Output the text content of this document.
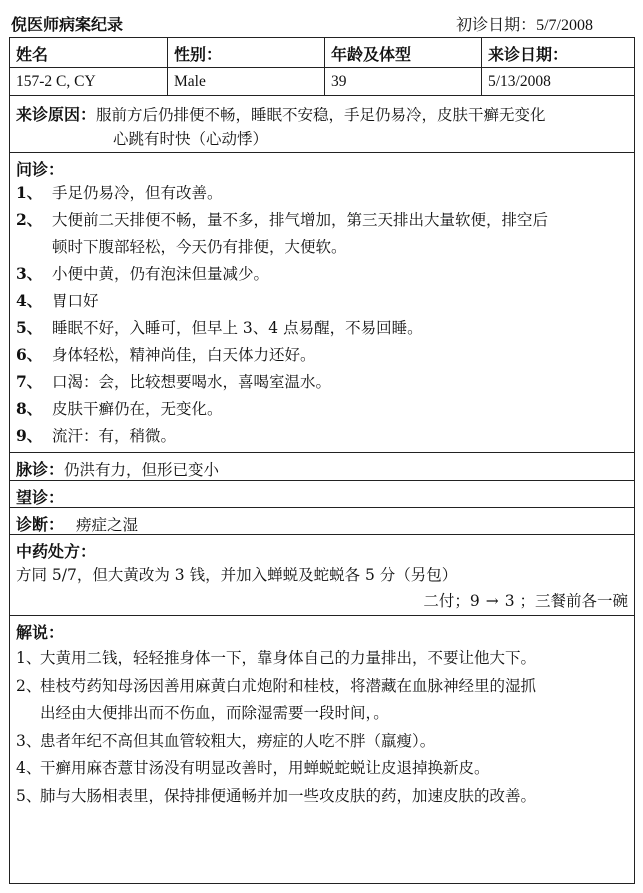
倪医师病案纪录	初诊日期：5/7/2008
姓名	性别：	年龄及体型	来诊日期：
157-2 C, CY	Male	39	5/13/2008
来诊原因：服前方后仍排便不畅，睡眠不安稳，手足仍易冷，皮肤干癣无变化
心跳有时快（心动悸）
问诊：
1、 手足仍易冷，但有改善。
2、 大便前二天排便不畅，量不多，排气增加，第三天排出大量软便，排空后
顿时下腹部轻松，今天仍有排便，大便软。
3、 小便中黄，仍有泡沫但量减少。
4、 胃口好
5、 睡眠不好，入睡可，但早上 3、4 点易醒，不易回睡。
6、 身体轻松，精神尚佳，白天体力还好。
7、 口渴：会，比较想要喝水，喜喝室温水。
8、 皮肤干癣仍在，无变化。
9、 流汗：有，稍微。
脉诊：仍洪有力，但形已变小
望诊：
诊断： 痨症之湿
中药处方：
方同 5/7，但大黄改为 3 钱，并加入蝉蜕及蛇蜕各 5 分（另包）
二付；9 → 3 ；三餐前各一碗
解说：
1、
大黄用二钱，轻轻推身体一下，靠身体自己的力量排出，不要让他大下。
2、
桂枝芍药知母汤因善用麻黄白朮炮附和桂枝，将潜藏在血脉神经里的湿抓
出经由大便排出而不伤血，而除湿需要一段时间，。
3、
患者年纪不高但其血管较粗大，痨症的人吃不胖（羸瘦）。
4、
干癣用麻杏薏甘汤没有明显改善时，用蝉蜕蛇蜕让皮退掉换新皮。
5、
肺与大肠相表里，保持排便通畅并加一些攻皮肤的药，加速皮肤的改善。
